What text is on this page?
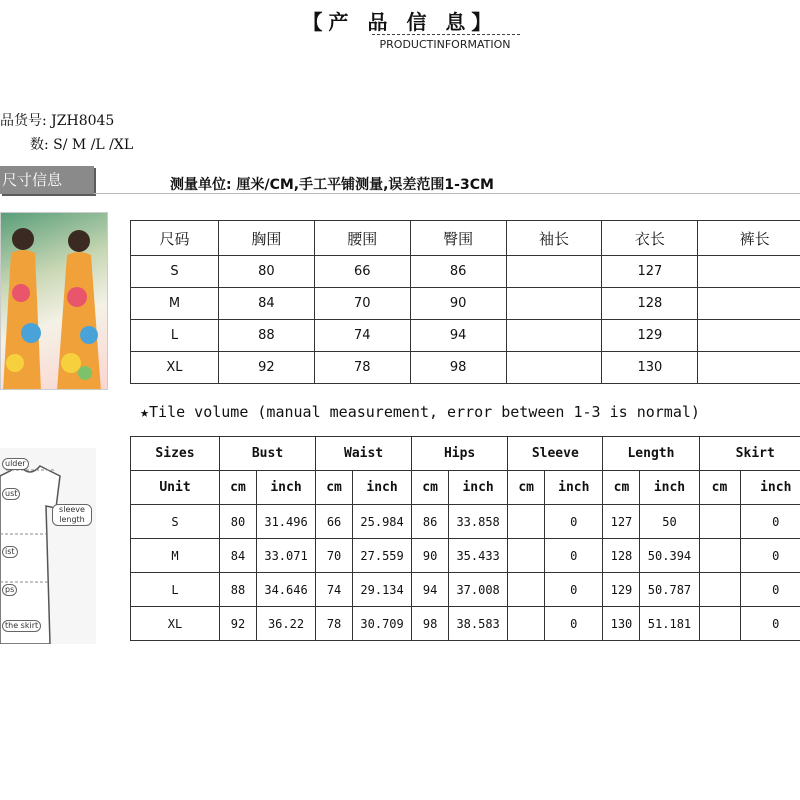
【产 品 信 息】
PRODUCTINFORMATION
品货号: JZH8045
数: S/ M /L /XL
尺寸信息	测量单位: 厘米/CM,手工平铺测量,误差范围1-3CM
ulder
ust
sleeve length
ist
ps
the skirt
尺码	胸围	腰围	臀围	袖长	衣长	裤长
S	80	66	86		127	
M	84	70	90		128	
L	88	74	94		129	
XL	92	78	98		130	
★Tile volume (manual measurement, error between 1-3 is normal)
Sizes	Bust		Waist		Hips		Sleeve		Length		Skirt	
Unit	cm	inch	cm	inch	cm	inch	cm	inch	cm	inch	cm	inch
S	80	31.496	66	25.984	86	33.858		0	127	50		0
M	84	33.071	70	27.559	90	35.433		0	128	50.394		0
L	88	34.646	74	29.134	94	37.008		0	129	50.787		0
XL	92	36.22	78	30.709	98	38.583		0	130	51.181		0
